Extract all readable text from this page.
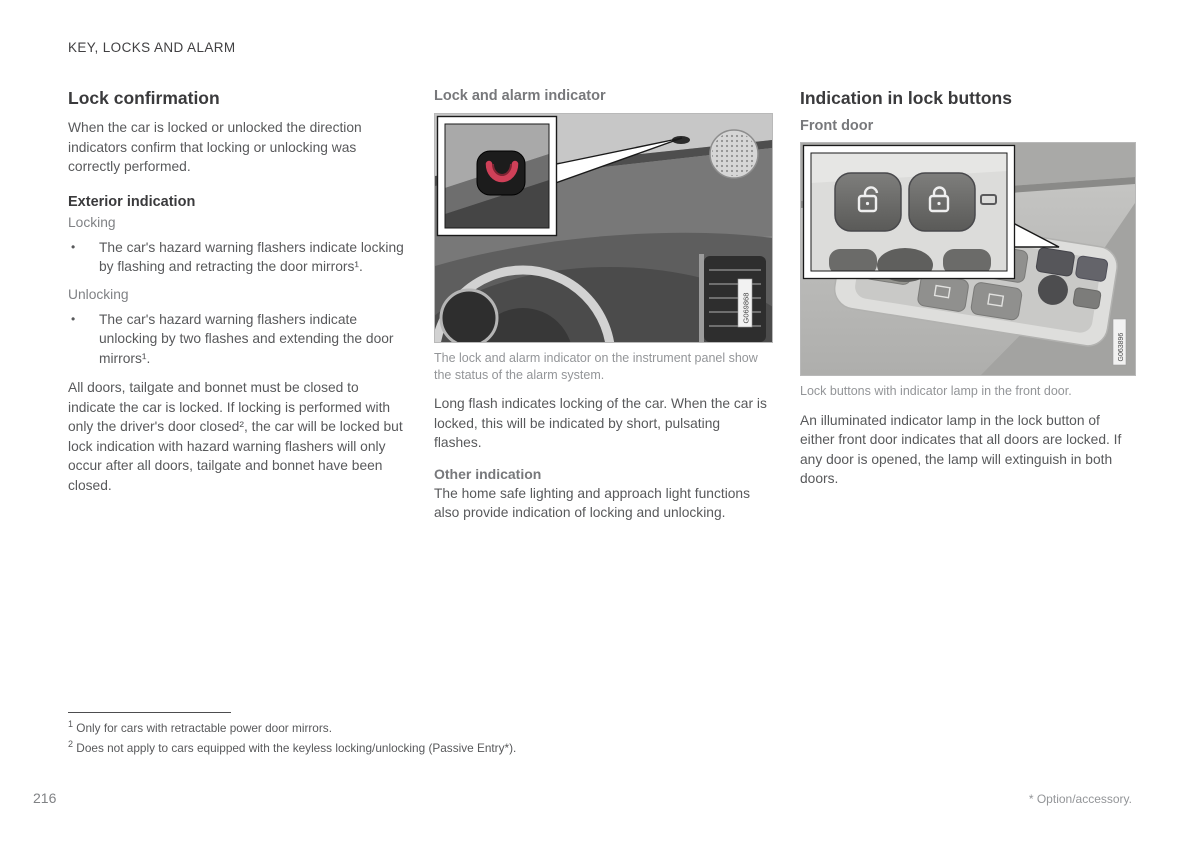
KEY, LOCKS AND ALARM
Lock confirmation

When the car is locked or unlocked the direction indicators confirm that locking or unlocking was correctly performed.

Exterior indication
Locking
•	The car's hazard warning flashers indicate locking by flashing and retracting the door mirrors¹.
Unlocking
•	The car's hazard warning flashers indicate unlocking by two flashes and extending the door mirrors¹.

All doors, tailgate and bonnet must be closed to indicate the car is locked. If locking is performed with only the driver's door closed², the car will be locked but lock indication with hazard warning flashers will only occur after all doors, tailgate and bonnet have been closed.

Lock and alarm indicator
G069868
The lock and alarm indicator on the instrument panel show the status of the alarm system.

Long flash indicates locking of the car. When the car is locked, this will be indicated by short, pulsating flashes.

Other indication

The home safe lighting and approach light functions also provide indication of locking and unlocking.

Indication in lock buttons
Front door
G063896
Lock buttons with indicator lamp in the front door.

An illuminated indicator lamp in the lock button of either front door indicates that all doors are locked. If any door is opened, the lamp will extinguish in both doors.

$^1$ Only for cars with retractable power door mirrors.
$^2$ Does not apply to cars equipped with the keyless locking/unlocking (Passive Entry*).
216	* Option/accessory.
